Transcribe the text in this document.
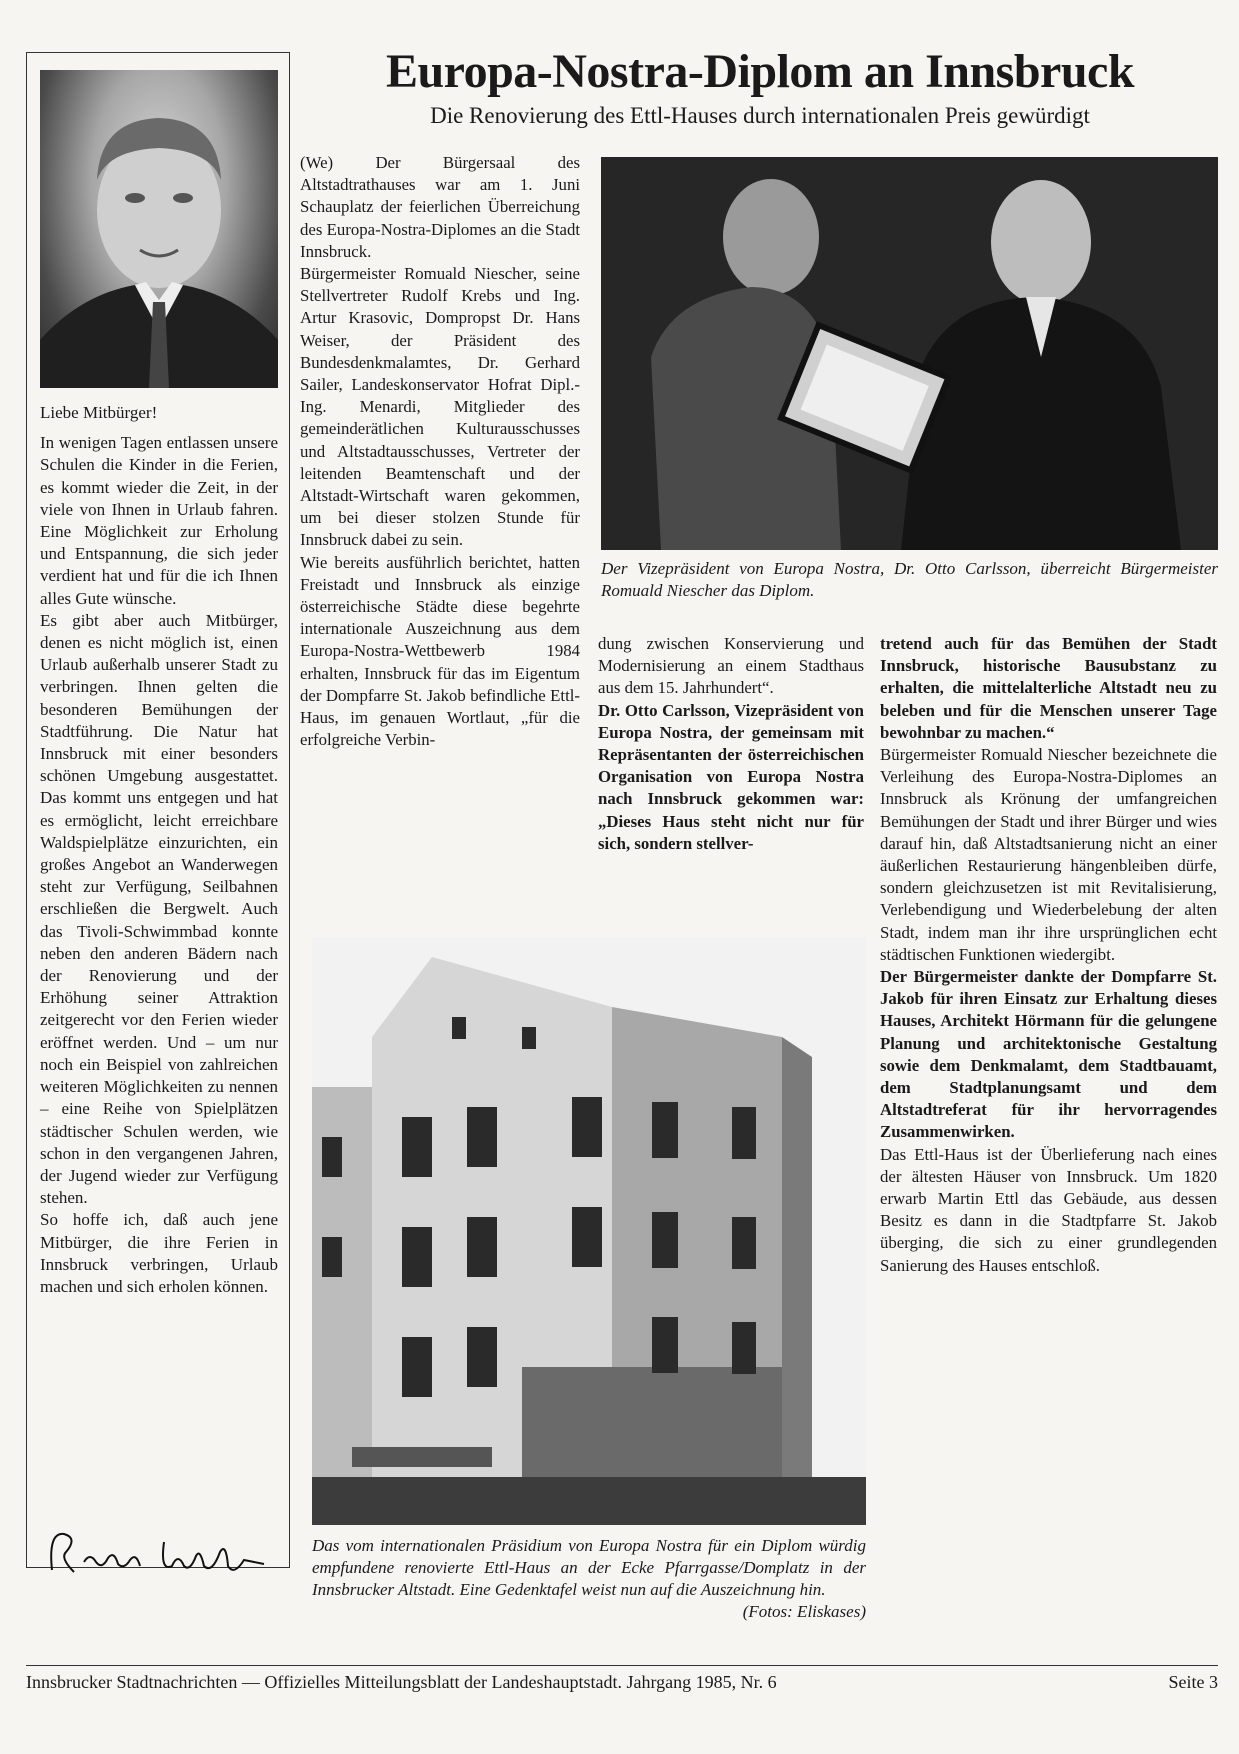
Liebe Mitbürger!

In wenigen Tagen entlassen unsere Schulen die Kinder in die Ferien, es kommt wieder die Zeit, in der viele von Ihnen in Urlaub fahren. Eine Möglichkeit zur Erholung und Entspannung, die sich jeder verdient hat und für die ich Ihnen alles Gute wünsche.

Es gibt aber auch Mitbürger, denen es nicht möglich ist, einen Urlaub außerhalb unserer Stadt zu verbringen. Ihnen gelten die besonderen Bemühungen der Stadtführung. Die Natur hat Innsbruck mit einer besonders schönen Umgebung ausgestattet. Das kommt uns entgegen und hat es ermöglicht, leicht erreichbare Waldspielplätze einzurichten, ein großes Angebot an Wanderwegen steht zur Verfügung, Seilbahnen erschließen die Bergwelt. Auch das Tivoli-Schwimmbad konnte neben den anderen Bädern nach der Renovierung und der Erhöhung seiner Attraktion zeitgerecht vor den Ferien wieder eröffnet werden. Und – um nur noch ein Beispiel von zahlreichen weiteren Möglichkeiten zu nennen – eine Reihe von Spielplätzen städtischer Schulen werden, wie schon in den vergangenen Jahren, der Jugend wieder zur Verfügung stehen.

So hoffe ich, daß auch jene Mitbürger, die ihre Ferien in Innsbruck verbringen, Urlaub machen und sich erholen können.

Europa-Nostra-Diplom an Innsbruck
Die Renovierung des Ettl-Hauses durch internationalen Preis gewürdigt

(We) Der Bürgersaal des Altstadtrathauses war am 1. Juni Schauplatz der feierlichen Überreichung des Europa-Nostra-Diplomes an die Stadt Innsbruck.

Bürgermeister Romuald Niescher, seine Stellvertreter Rudolf Krebs und Ing. Artur Krasovic, Dompropst Dr. Hans Weiser, der Präsident des Bundesdenkmalamtes, Dr. Gerhard Sailer, Landeskonservator Hofrat Dipl.-Ing. Menardi, Mitglieder des gemeinderätlichen Kulturausschusses und Altstadtausschusses, Vertreter der leitenden Beamtenschaft und der Altstadt-Wirtschaft waren gekommen, um bei dieser stolzen Stunde für Innsbruck dabei zu sein.

Wie bereits ausführlich berichtet, hatten Freistadt und Innsbruck als einzige österreichische Städte diese begehrte internationale Auszeichnung aus dem Europa-Nostra-Wettbewerb 1984 erhalten, Innsbruck für das im Eigentum der Dompfarre St. Jakob befindliche Ettl-Haus, im genauen Wortlaut, „für die erfolgreiche Verbin-

Der Vizepräsident von Europa Nostra, Dr. Otto Carlsson, überreicht Bürgermeister Romuald Niescher das Diplom.

dung zwischen Konservierung und Modernisierung an einem Stadthaus aus dem 15. Jahrhundert“.

Dr. Otto Carlsson, Vizepräsident von Europa Nostra, der gemeinsam mit Repräsentanten der österreichischen Organisation von Europa Nostra nach Innsbruck gekommen war: „Dieses Haus steht nicht nur für sich, sondern stellver-

tretend auch für das Bemühen der Stadt Innsbruck, historische Bausubstanz zu erhalten, die mittelalterliche Altstadt neu zu beleben und für die Menschen unserer Tage bewohnbar zu machen.“

Bürgermeister Romuald Niescher bezeichnete die Verleihung des Europa-Nostra-Diplomes an Innsbruck als Krönung der umfangreichen Bemühungen der Stadt und ihrer Bürger und wies darauf hin, daß Altstadtsanierung nicht an einer äußerlichen Restaurierung hängenbleiben dürfe, sondern gleichzusetzen ist mit Revitalisierung, Verlebendigung und Wiederbelebung der alten Stadt, indem man ihr ihre ursprünglichen echt städtischen Funktionen wiedergibt.

Der Bürgermeister dankte der Dompfarre St. Jakob für ihren Einsatz zur Erhaltung dieses Hauses, Architekt Hörmann für die gelungene Planung und architektonische Gestaltung sowie dem Denkmalamt, dem Stadtbauamt, dem Stadtplanungsamt und dem Altstadtreferat für ihr hervorragendes Zusammenwirken.

Das Ettl-Haus ist der Überlieferung nach eines der ältesten Häuser von Innsbruck. Um 1820 erwarb Martin Ettl das Gebäude, aus dessen Besitz es dann in die Stadtpfarre St. Jakob überging, die sich zu einer grundlegenden Sanierung des Hauses entschloß.

Das vom internationalen Präsidium von Europa Nostra für ein Diplom würdig empfundene renovierte Ettl-Haus an der Ecke Pfarrgasse/Domplatz in der Innsbrucker Altstadt. Eine Gedenktafel weist nun auf die Auszeichnung hin.
(Fotos: Eliskases)
Innsbrucker Stadtnachrichten — Offizielles Mitteilungsblatt der Landeshauptstadt. Jahrgang 1985, Nr. 6	Seite 3
